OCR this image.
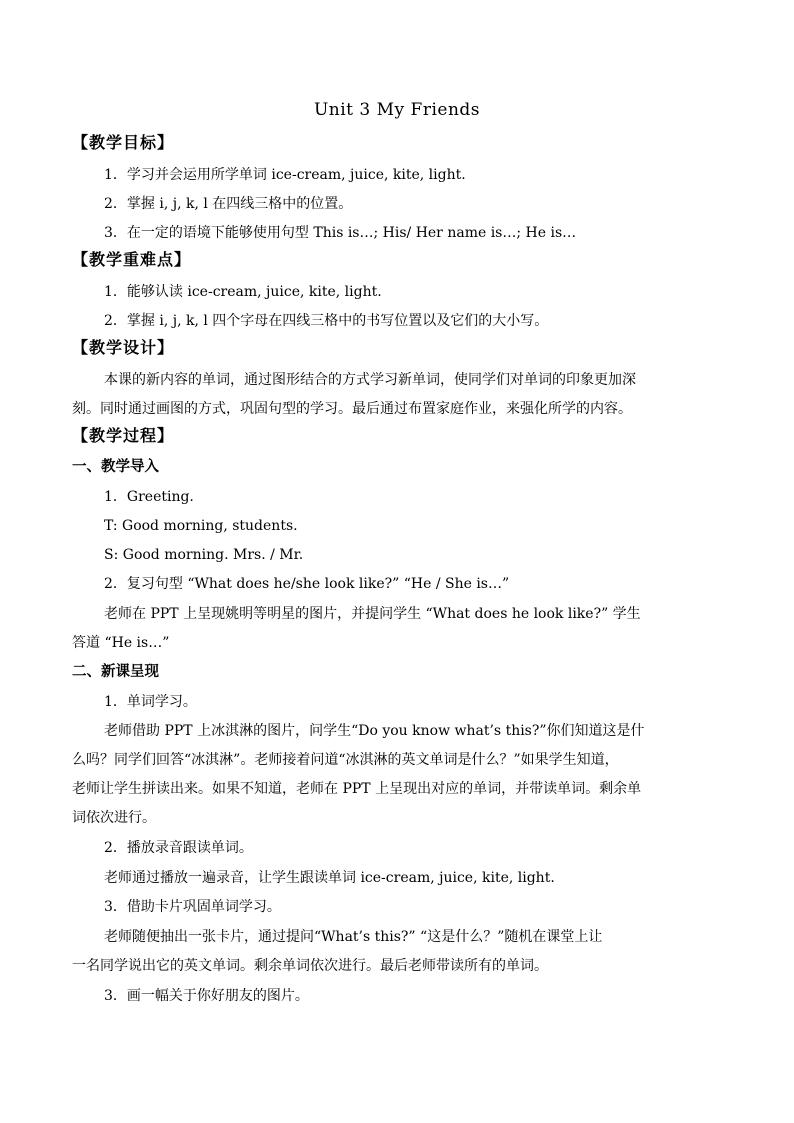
Unit 3 My Friends
【教学目标】
1．学习并会运用所学单词 ice-cream, juice, kite, light.
2．掌握 i, j, k, l 在四线三格中的位置。
3．在一定的语境下能够使用句型 This is…; His/ Her name is…; He is…
【教学重难点】
1．能够认读 ice-cream, juice, kite, light.
2．掌握 i, j, k, l 四个字母在四线三格中的书写位置以及它们的大小写。
【教学设计】
本课的新内容的单词，通过图形结合的方式学习新单词，使同学们对单词的印象更加深
刻。同时通过画图的方式，巩固句型的学习。最后通过布置家庭作业，来强化所学的内容。
【教学过程】
一、教学导入
1．Greeting.
T: Good morning, students.
S: Good morning. Mrs. / Mr.
2．复习句型 “What does he/she look like?” “He / She is…”
老师在 PPT 上呈现姚明等明星的图片，并提问学生 “What does he look like?” 学生
答道 “He is…”
二、新课呈现
1．单词学习。
老师借助 PPT 上冰淇淋的图片，问学生“Do you know what’s this?”你们知道这是什
么吗？同学们回答“冰淇淋”。老师接着问道“冰淇淋的英文单词是什么？”如果学生知道，
老师让学生拼读出来。如果不知道，老师在 PPT 上呈现出对应的单词，并带读单词。剩余单
词依次进行。
2．播放录音跟读单词。
老师通过播放一遍录音，让学生跟读单词 ice-cream, juice, kite, light.
3．借助卡片巩固单词学习。
老师随便抽出一张卡片，通过提问“What’s this?” “这是什么？”随机在课堂上让
一名同学说出它的英文单词。剩余单词依次进行。最后老师带读所有的单词。
3．画一幅关于你好朋友的图片。
